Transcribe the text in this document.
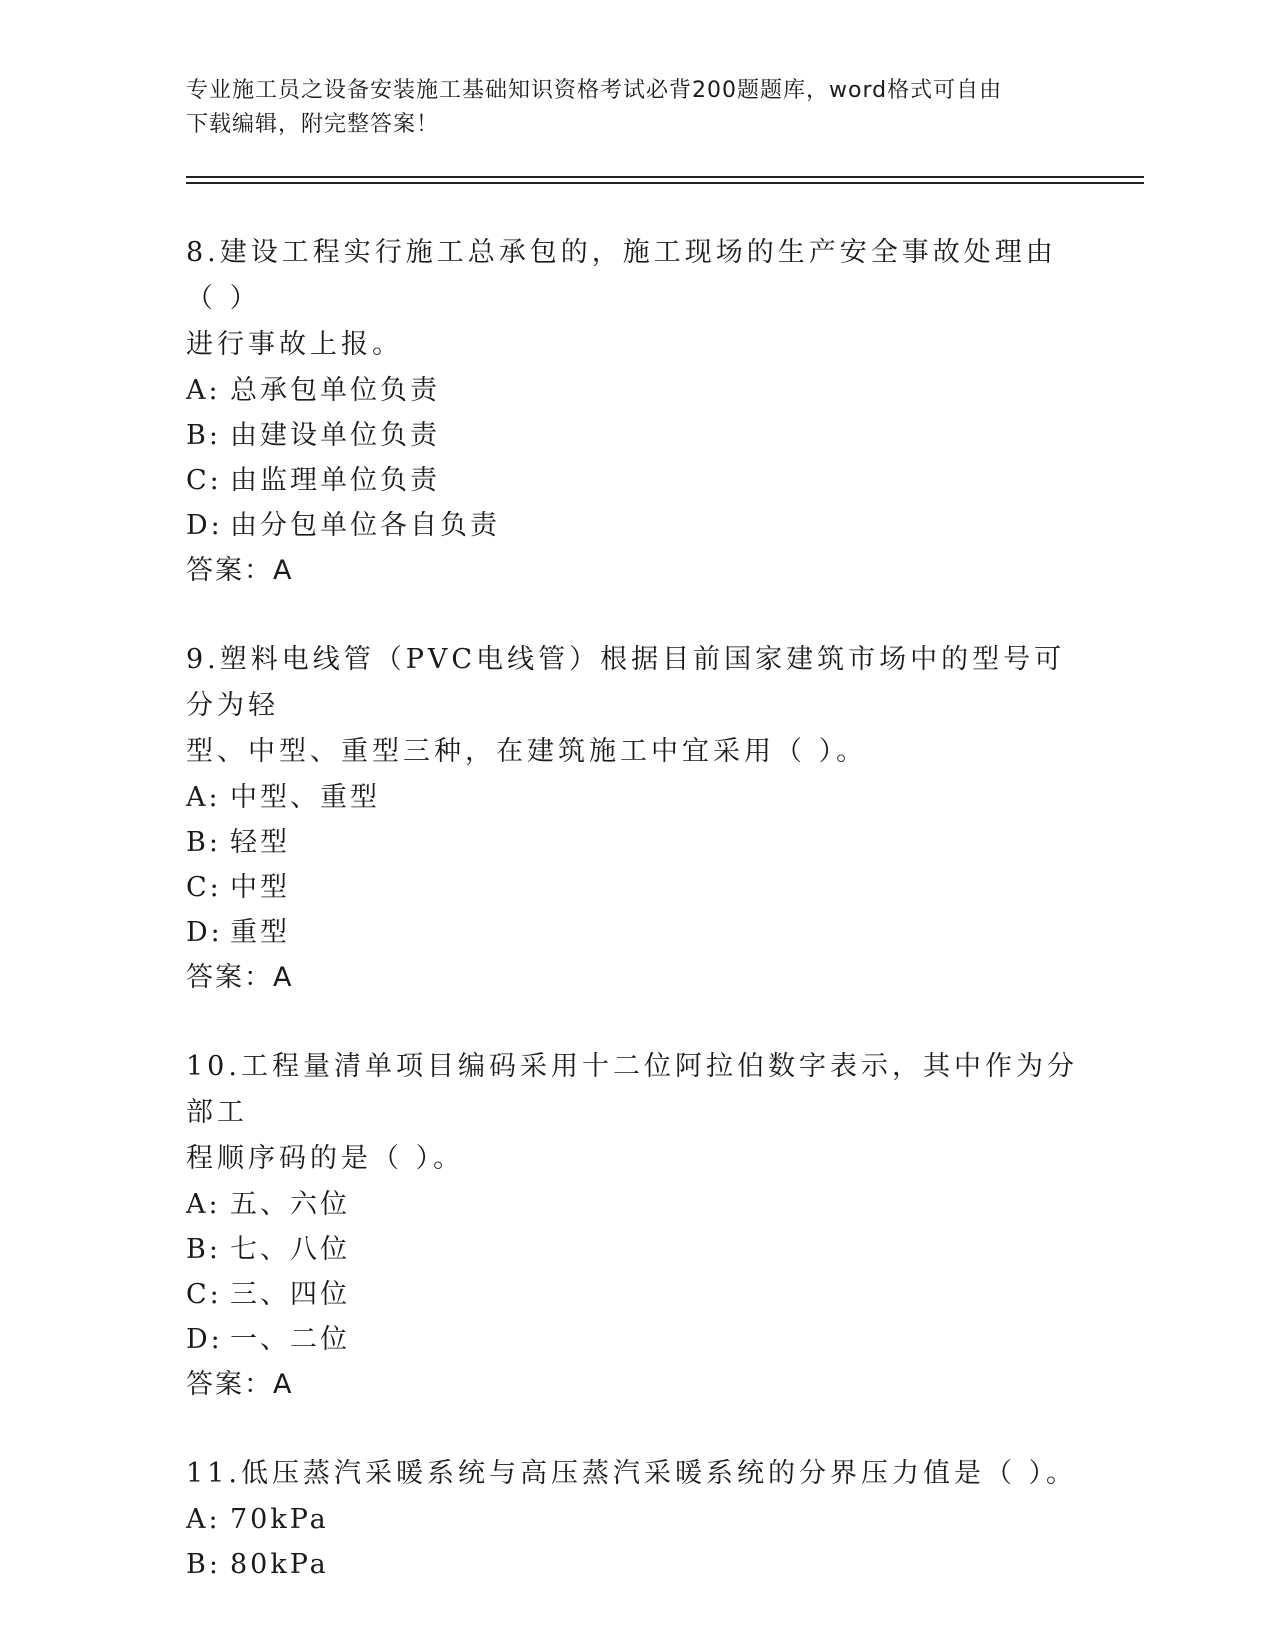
专业施工员之设备安装施工基础知识资格考试必背200题题库，word格式可自由
下载编辑，附完整答案！

8.建设工程实行施工总承包的，施工现场的生产安全事故处理由（ ）
进行事故上报。

A: 总承包单位负责

B: 由建设单位负责

C: 由监理单位负责

D: 由分包单位各自负责

答案：A

9.塑料电线管（PVC电线管）根据目前国家建筑市场中的型号可分为轻
型、中型、重型三种，在建筑施工中宜采用（ ）。

A: 中型、重型

B: 轻型

C: 中型

D: 重型

答案：A

10.工程量清单项目编码采用十二位阿拉伯数字表示，其中作为分部工
程顺序码的是（ ）。

A: 五、六位

B: 七、八位

C: 三、四位

D: 一、二位

答案：A

11.低压蒸汽采暖系统与高压蒸汽采暖系统的分界压力值是（ ）。

A: 70kPa

B: 80kPa
